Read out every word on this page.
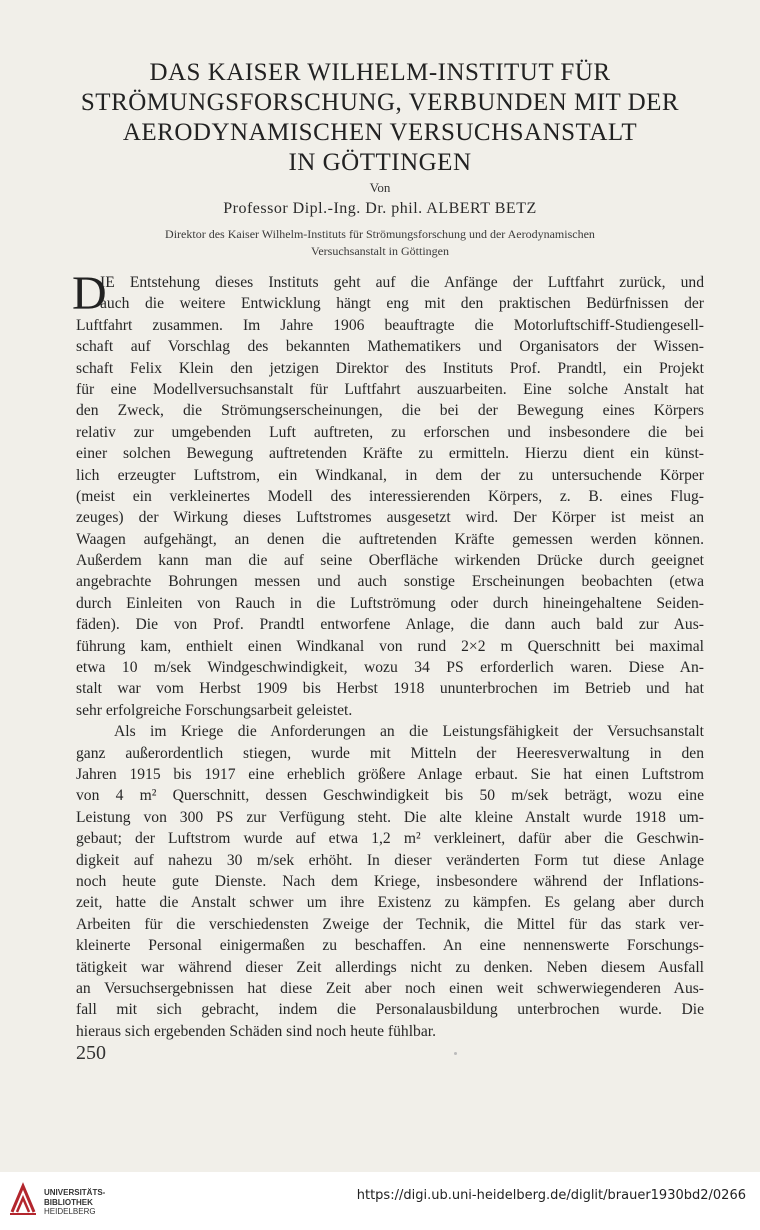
DAS KAISER WILHELM-INSTITUT FÜR
STRÖMUNGSFORSCHUNG, VERBUNDEN MIT DER
AERODYNAMISCHEN VERSUCHSANSTALT
IN GÖTTINGEN
Von
Professor Dipl.-Ing. Dr. phil. ALBERT BETZ
Direktor des Kaiser Wilhelm-Instituts für Strömungsforschung und der Aerodynamischen
Versuchsanstalt in Göttingen
D
IE Entstehung dieses Instituts geht auf die Anfänge der Luftfahrt zurück, und
auch die weitere Entwicklung hängt eng mit den praktischen Bedürfnissen der
Luftfahrt zusammen. Im Jahre 1906 beauftragte die Motorluftschiff-Studiengesell-
schaft auf Vorschlag des bekannten Mathematikers und Organisators der Wissen-
schaft Felix Klein den jetzigen Direktor des Instituts Prof. Prandtl, ein Projekt
für eine Modellversuchsanstalt für Luftfahrt auszuarbeiten. Eine solche Anstalt hat
den Zweck, die Strömungserscheinungen, die bei der Bewegung eines Körpers
relativ zur umgebenden Luft auftreten, zu erforschen und insbesondere die bei
einer solchen Bewegung auftretenden Kräfte zu ermitteln. Hierzu dient ein künst-
lich erzeugter Luftstrom, ein Windkanal, in dem der zu untersuchende Körper
(meist ein verkleinertes Modell des interessierenden Körpers, z. B. eines Flug-
zeuges) der Wirkung dieses Luftstromes ausgesetzt wird. Der Körper ist meist an
Waagen aufgehängt, an denen die auftretenden Kräfte gemessen werden können.
Außerdem kann man die auf seine Oberfläche wirkenden Drücke durch geeignet
angebrachte Bohrungen messen und auch sonstige Erscheinungen beobachten (etwa
durch Einleiten von Rauch in die Luftströmung oder durch hineingehaltene Seiden-
fäden). Die von Prof. Prandtl entworfene Anlage, die dann auch bald zur Aus-
führung kam, enthielt einen Windkanal von rund 2×2 m Querschnitt bei maximal
etwa 10 m/sek Windgeschwindigkeit, wozu 34 PS erforderlich waren. Diese An-
stalt war vom Herbst 1909 bis Herbst 1918 ununterbrochen im Betrieb und hat
sehr erfolgreiche Forschungsarbeit geleistet.
Als im Kriege die Anforderungen an die Leistungsfähigkeit der Versuchsanstalt
ganz außerordentlich stiegen, wurde mit Mitteln der Heeresverwaltung in den
Jahren 1915 bis 1917 eine erheblich größere Anlage erbaut. Sie hat einen Luftstrom
von 4 m² Querschnitt, dessen Geschwindigkeit bis 50 m/sek beträgt, wozu eine
Leistung von 300 PS zur Verfügung steht. Die alte kleine Anstalt wurde 1918 um-
gebaut; der Luftstrom wurde auf etwa 1,2 m² verkleinert, dafür aber die Geschwin-
digkeit auf nahezu 30 m/sek erhöht. In dieser veränderten Form tut diese Anlage
noch heute gute Dienste. Nach dem Kriege, insbesondere während der Inflations-
zeit, hatte die Anstalt schwer um ihre Existenz zu kämpfen. Es gelang aber durch
Arbeiten für die verschiedensten Zweige der Technik, die Mittel für das stark ver-
kleinerte Personal einigermaßen zu beschaffen. An eine nennenswerte Forschungs-
tätigkeit war während dieser Zeit allerdings nicht zu denken. Neben diesem Ausfall
an Versuchsergebnissen hat diese Zeit aber noch einen weit schwerwiegenderen Aus-
fall mit sich gebracht, indem die Personalausbildung unterbrochen wurde. Die
hieraus sich ergebenden Schäden sind noch heute fühlbar.
250
UNIVERSITÄTS-
BIBLIOTHEK
HEIDELBERG
https://digi.ub.uni-heidelberg.de/diglit/brauer1930bd2/0266
